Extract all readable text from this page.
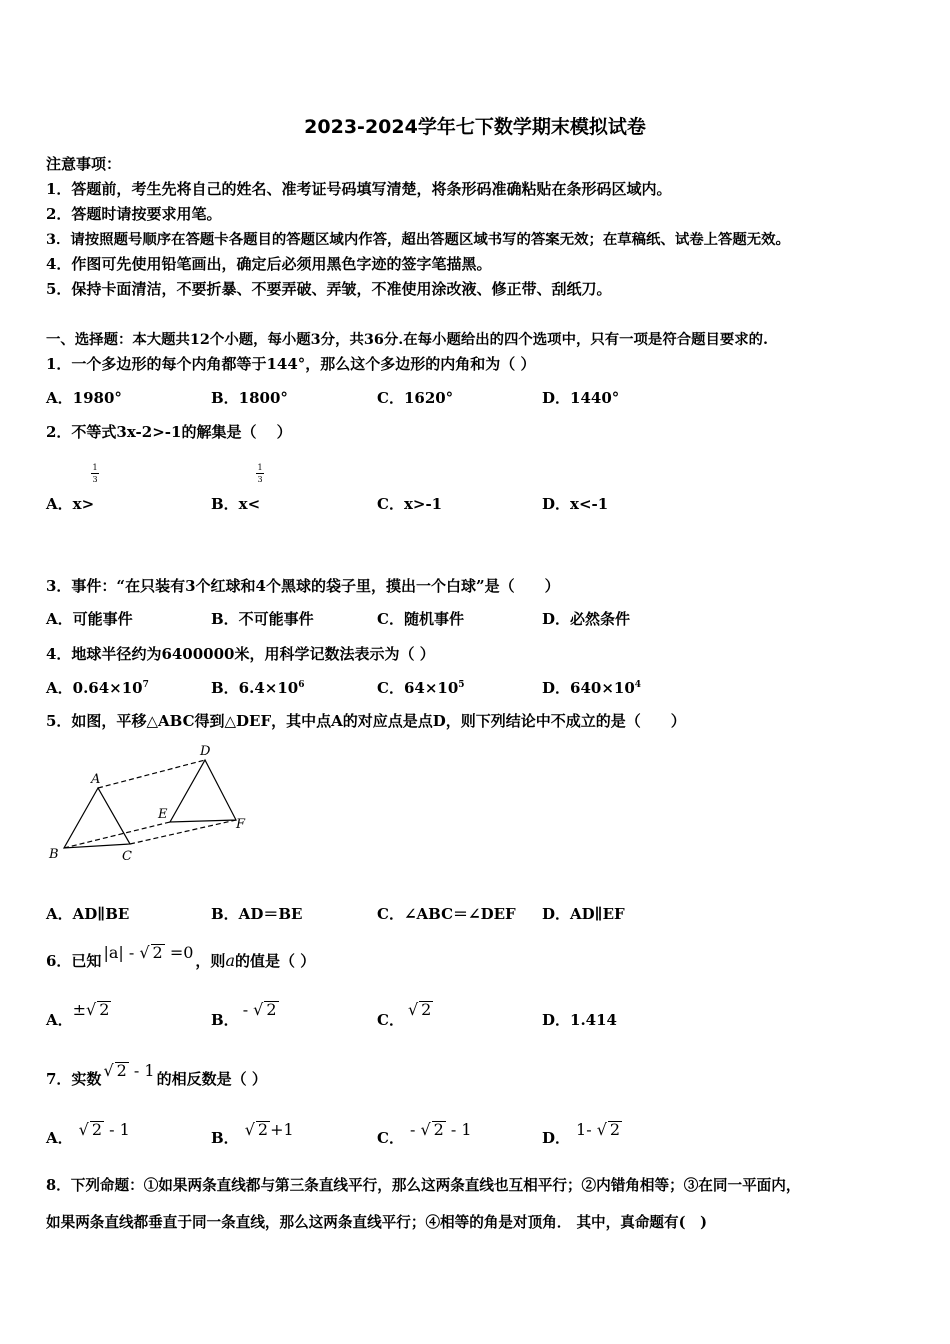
2023-2024学年七下数学期末模拟试卷
注意事项：
1．答题前，考生先将自己的姓名、准考证号码填写清楚，将条形码准确粘贴在条形码区域内。
2．答题时请按要求用笔。
3．请按照题号顺序在答题卡各题目的答题区域内作答，超出答题区域书写的答案无效；在草稿纸、试卷上答题无效。
4．作图可先使用铅笔画出，确定后必须用黑色字迹的签字笔描黑。
5．保持卡面清洁，不要折暴、不要弄破、弄皱，不准使用涂改液、修正带、刮纸刀。
一、选择题：本大题共12个小题，每小题3分，共36分.在每小题给出的四个选项中，只有一项是符合题目要求的.
1．一个多边形的每个内角都等于144°，那么这个多边形的内角和为（ ）
A．1980°	B．1800°	C．1620°	D．1440°
2．不等式3x-2>-1的解集是（　 ）
A．x>
1
3
B．x<
1
3
C．x>-1	D．x<-1
3．事件：“在只装有3个红球和4个黑球的袋子里，摸出一个白球”是（　　）
A．可能事件	B．不可能事件	C．随机事件	D．必然条件
4．地球半径约为6400000米，用科学记数法表示为（ ）
A．$0.64\times 10^7$	B．$6.4\times 10^6$	C．$64\times 10^5$	D．$640\times 10^4$
5．如图，平移△ABC得到△DEF，其中点A的对应点是点D，则下列结论中不成立的是（　　）
A
B	C
D
E
F
A．AD∥BE	B．AD＝BE	C．∠ABC＝∠DEF D．AD∥EF
6．已知 |a| - √ 2 =0 ，则a的值是（ ）
A．±√ 2
B．- √ 2
C．√ 2
D．1.414
7．实数 √ 2 - 1 的相反数是（ ）
A． √ 2 - 1	B． √ 2 +1	C． - √ 2 - 1	D． 1- √ 2
8．下列命题：①如果两条直线都与第三条直线平行，那么这两条直线也互相平行；②内错角相等；③在同一平面内，
如果两条直线都垂直于同一条直线，那么这两条直线平行；④相等的角是对顶角． 其中，真命题有(　)
